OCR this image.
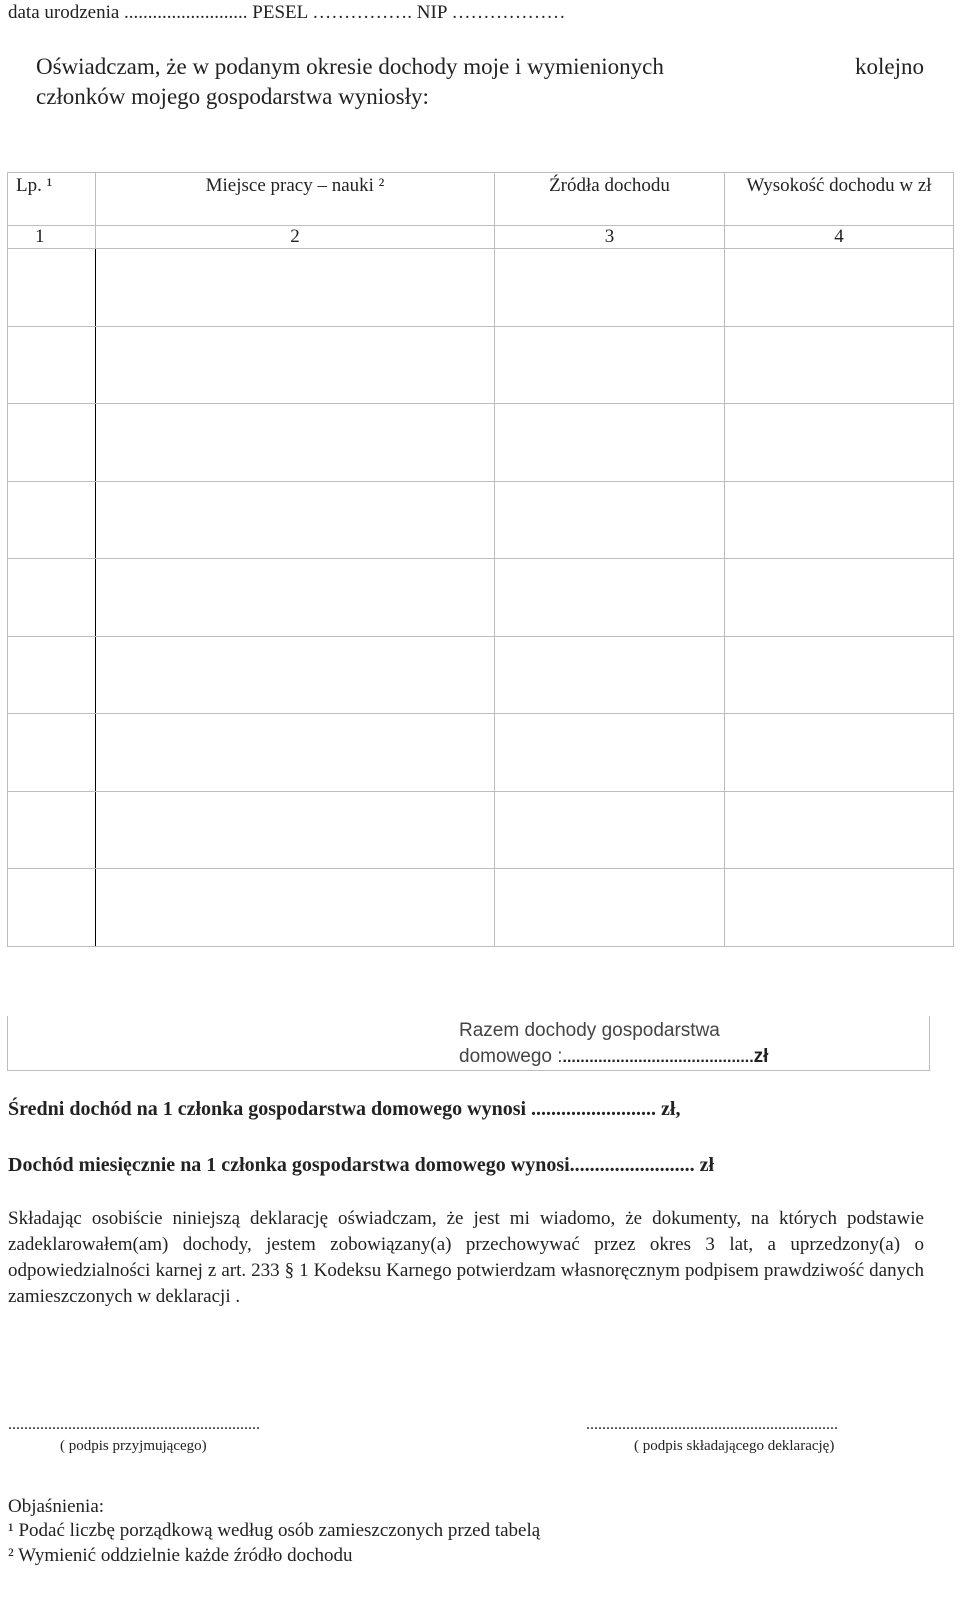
data urodzenia .......................... PESEL ……………. NIP ………………
Oświadczam, że w podanym okresie dochody moje i wymienionych	kolejno
członków mojego gospodarstwa wyniosły:
Lp. ¹	Miejsce pracy – nauki ²	Źródła dochodu	Wysokość dochodu w zł

1	2	3	4

Razem dochody gospodarstwa
domowego :...........................................zł
Średni dochód na 1 członka gospodarstwa domowego wynosi ......................... zł,
Dochód miesięcznie na 1 członka gospodarstwa domowego wynosi......................... zł
Składając osobiście niniejszą deklarację oświadczam, że jest mi wiadomo, że dokumenty, na których podstawie zadeklarowałem(am) dochody, jestem zobowiązany(a) przechowywać przez okres 3 lat, a uprzedzony(a) o odpowiedzialności karnej z art. 233 § 1 Kodeksu Karnego potwierdzam własnoręcznym podpisem prawdziwość danych zamieszczonych w deklaracji .
...............................................................
( podpis przyjmującego)
...............................................................
( podpis składającego deklarację)
Objaśnienia:
¹ Podać liczbę porządkową według osób zamieszczonych przed tabelą
² Wymienić oddzielnie każde źródło dochodu
